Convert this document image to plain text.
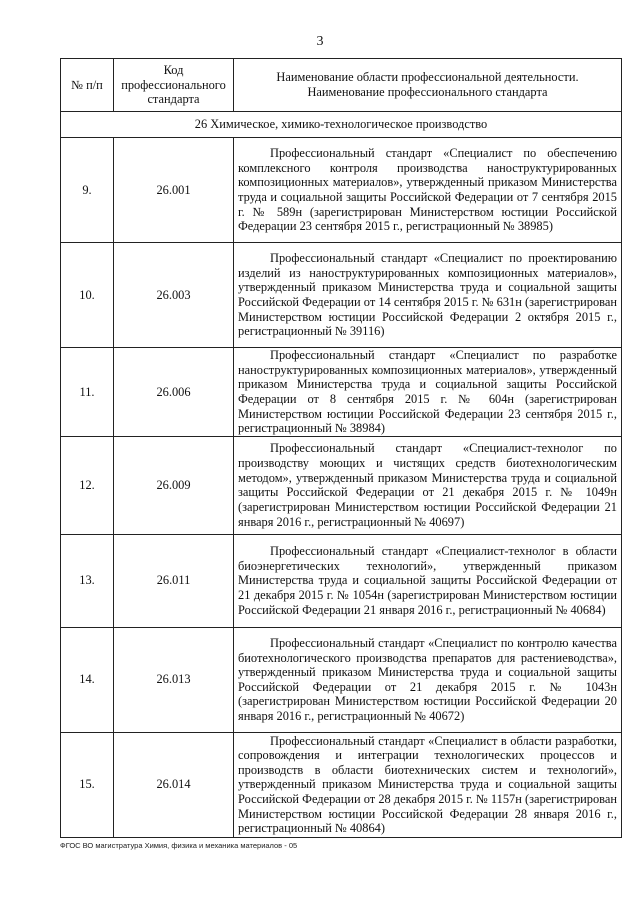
3
№ п/п	Код профессионального стандарта	Наименование области профессиональной деятельности. Наименование профессионального стандарта
26 Химическое, химико-технологическое производство		
9.	26.001	Профессиональный стандарт «Специалист по обеспечению комплексного контроля производства наноструктурированных композиционных материалов», утвержденный приказом Министерства труда и социальной защиты Российской Федерации от 7 сентября 2015 г. № 589н (зарегистрирован Министерством юстиции Российской Федерации 23 сентября 2015 г., регистрационный № 38985)

10.	26.003	Профессиональный стандарт «Специалист по проектированию изделий из наноструктурированных композиционных материалов», утвержденный приказом Министерства труда и социальной защиты Российской Федерации от 14 сентября 2015 г. № 631н (зарегистрирован Министерством юстиции Российской Федерации 2 октября 2015 г., регистрационный № 39116)

11.	26.006	Профессиональный стандарт «Специалист по разработке наноструктурированных композиционных материалов», утвержденный приказом Министерства труда и социальной защиты Российской Федерации от 8 сентября 2015 г. № 604н (зарегистрирован Министерством юстиции Российской Федерации 23 сентября 2015 г., регистрационный № 38984)

12.	26.009	Профессиональный стандарт «Специалист-технолог по производству моющих и чистящих средств биотехнологическим методом», утвержденный приказом Министерства труда и социальной защиты Российской Федерации от 21 декабря 2015 г. № 1049н (зарегистрирован Министерством юстиции Российской Федерации 21 января 2016 г., регистрационный № 40697)

13.	26.011	Профессиональный стандарт «Специалист-технолог в области биоэнергетических технологий», утвержденный приказом Министерства труда и социальной защиты Российской Федерации от 21 декабря 2015 г. № 1054н (зарегистрирован Министерством юстиции Российской Федерации 21 января 2016 г., регистрационный № 40684)

14.	26.013	Профессиональный стандарт «Специалист по контролю качества биотехнологического производства препаратов для растениеводства», утвержденный приказом Министерства труда и социальной защиты Российской Федерации от 21 декабря 2015 г. № 1043н (зарегистрирован Министерством юстиции Российской Федерации 20 января 2016 г., регистрационный № 40672)

15.	26.014	Профессиональный стандарт «Специалист в области разработки, сопровождения и интеграции технологических процессов и производств в области биотехнических систем и технологий», утвержденный приказом Министерства труда и социальной защиты Российской Федерации от 28 декабря 2015 г. № 1157н (зарегистрирован Министерством юстиции Российской Федерации 28 января 2016 г., регистрационный № 40864)
ФГОС ВО магистратура Химия, физика и механика материалов - 05
